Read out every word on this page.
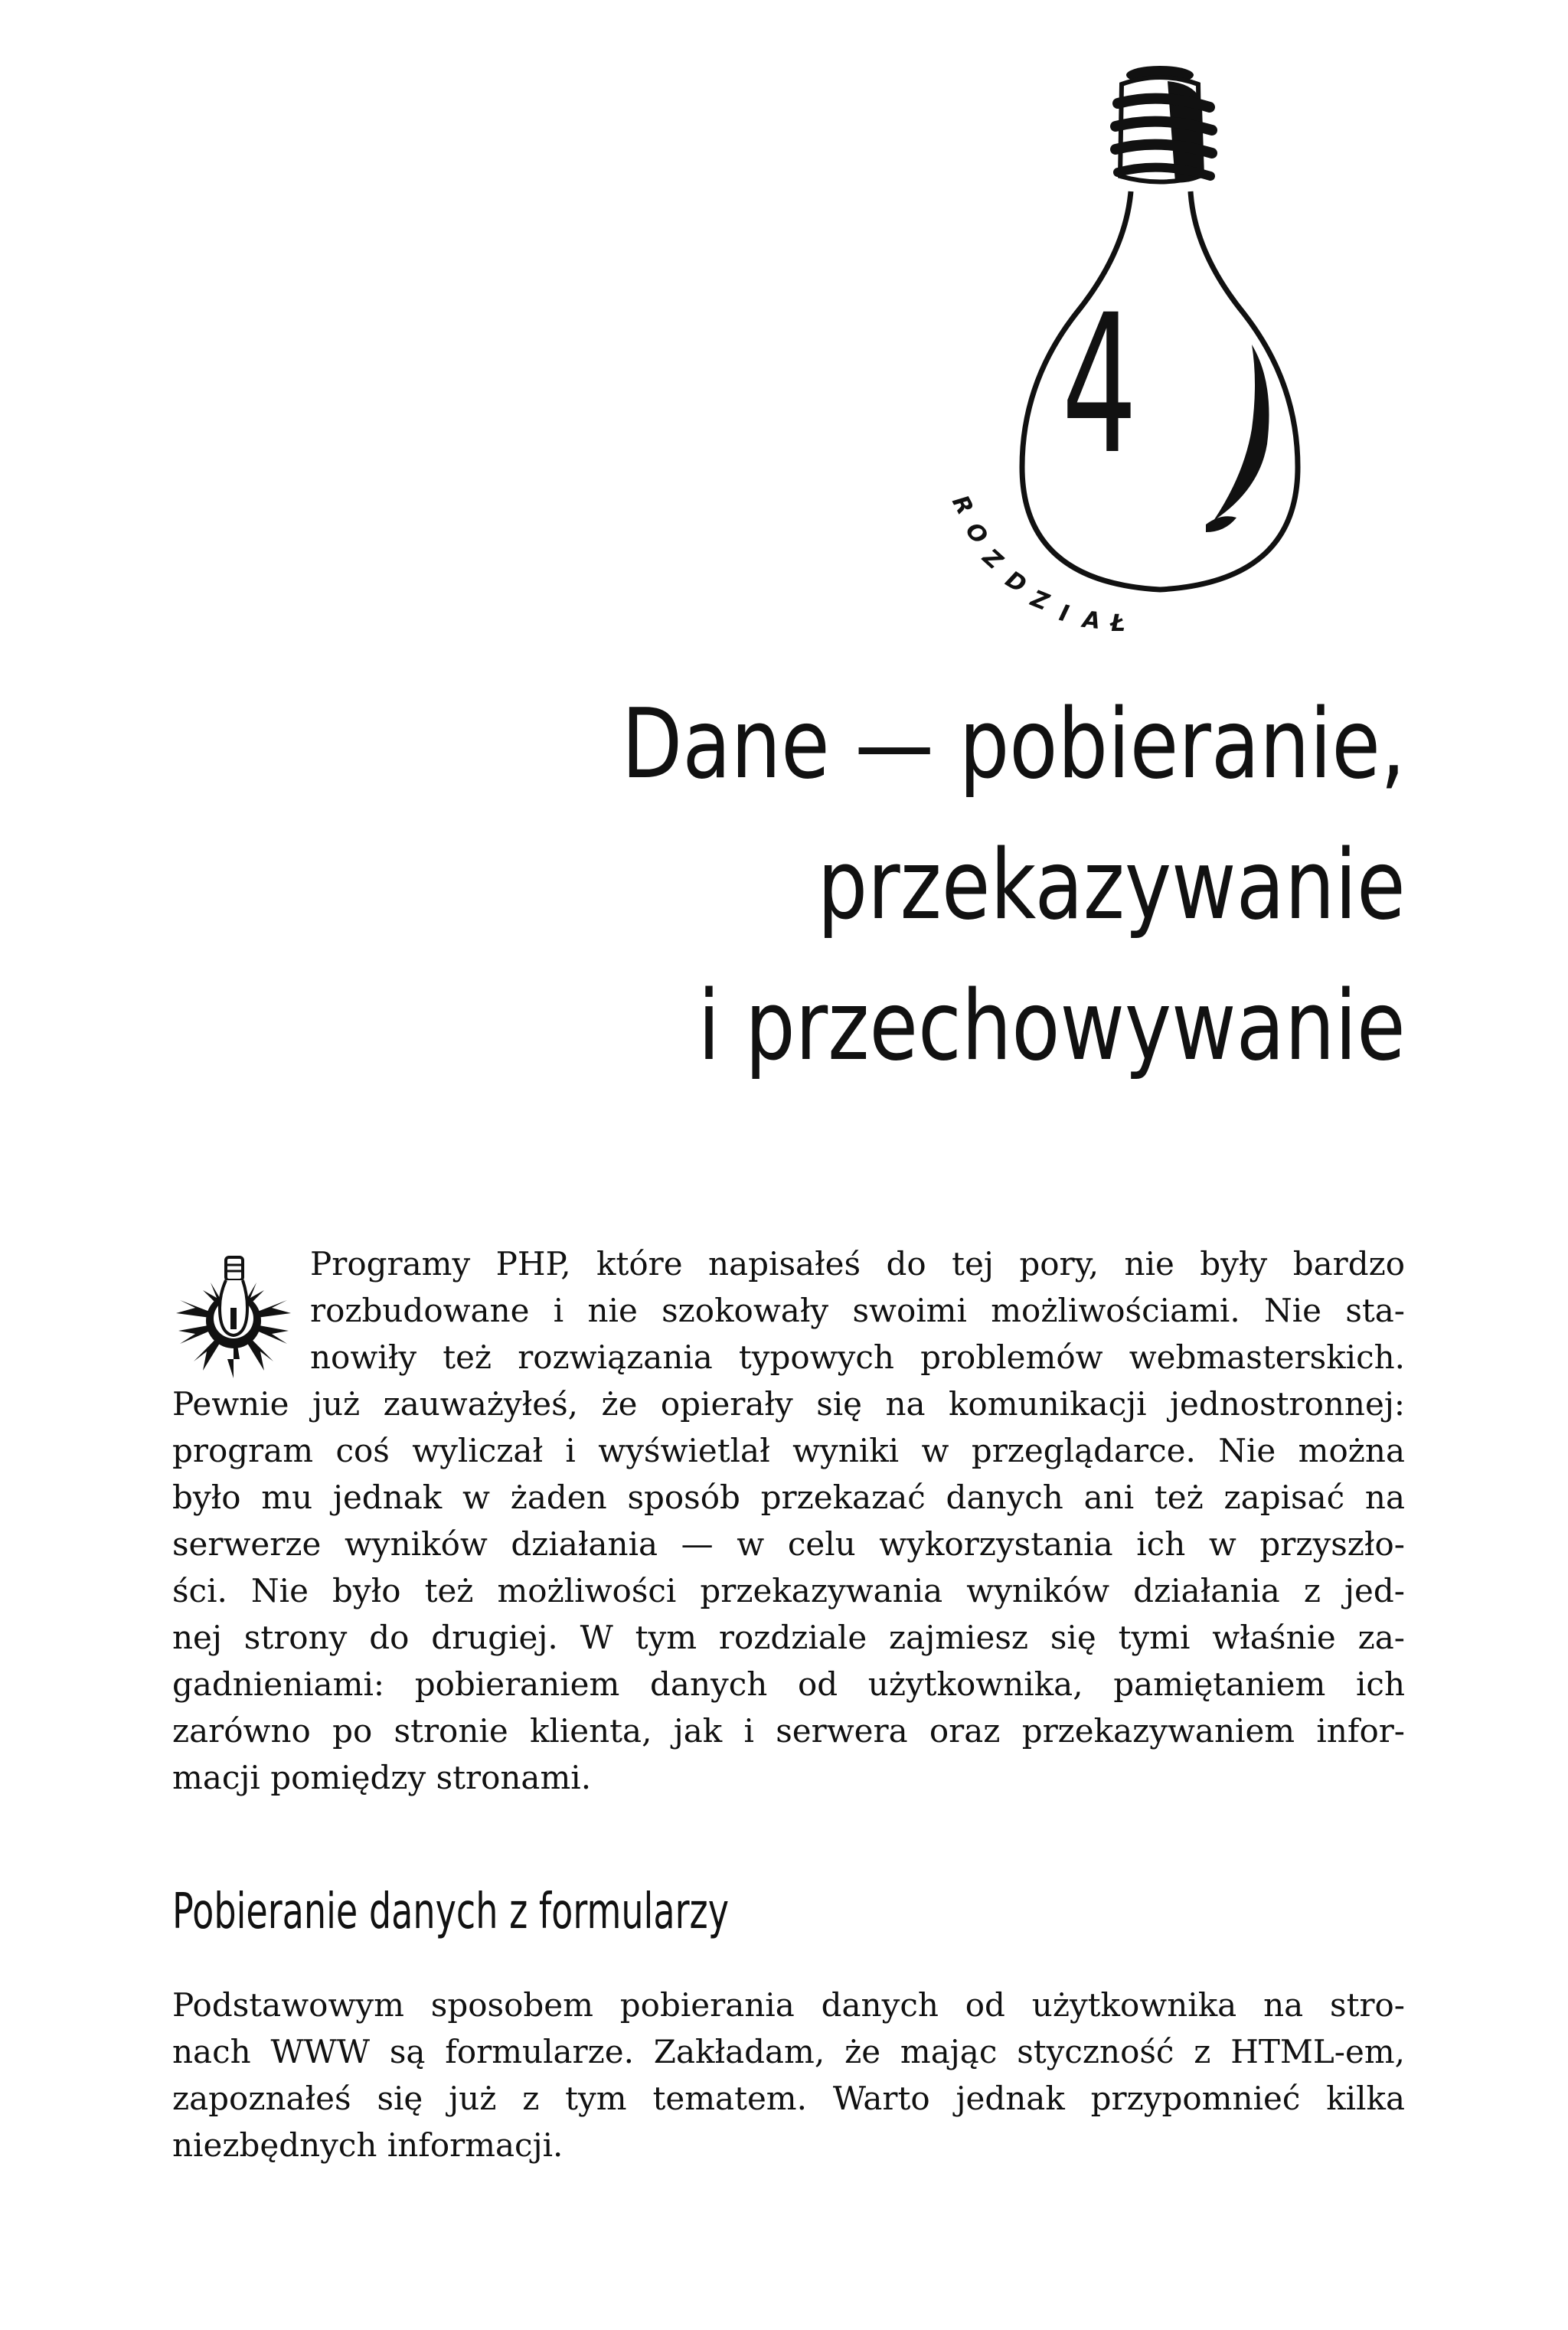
4
R
O
Z
D
Z I A Ł
Dane — pobieranie,
przekazywanie
i przechowywanie
Programy PHP, które napisałeś do tej pory, nie były bardzo
rozbudowane i nie szokowały swoimi możliwościami. Nie sta-
nowiły też rozwiązania typowych problemów webmasterskich.
Pewnie już zauważyłeś, że opierały się na komunikacji jednostronnej:
program coś wyliczał i wyświetlał wyniki w przeglądarce. Nie można
było mu jednak w żaden sposób przekazać danych ani też zapisać na
serwerze wyników działania — w celu wykorzystania ich w przyszło-
ści. Nie było też możliwości przekazywania wyników działania z jed-
nej strony do drugiej. W tym rozdziale zajmiesz się tymi właśnie za-
gadnieniami: pobieraniem danych od użytkownika, pamiętaniem ich
zarówno po stronie klienta, jak i serwera oraz przekazywaniem infor-
macji pomiędzy stronami.
Pobieranie danych z formularzy
Podstawowym sposobem pobierania danych od użytkownika na stro-
nach WWW są formularze. Zakładam, że mając styczność z HTML-em,
zapoznałeś się już z tym tematem. Warto jednak przypomnieć kilka
niezbędnych informacji.
